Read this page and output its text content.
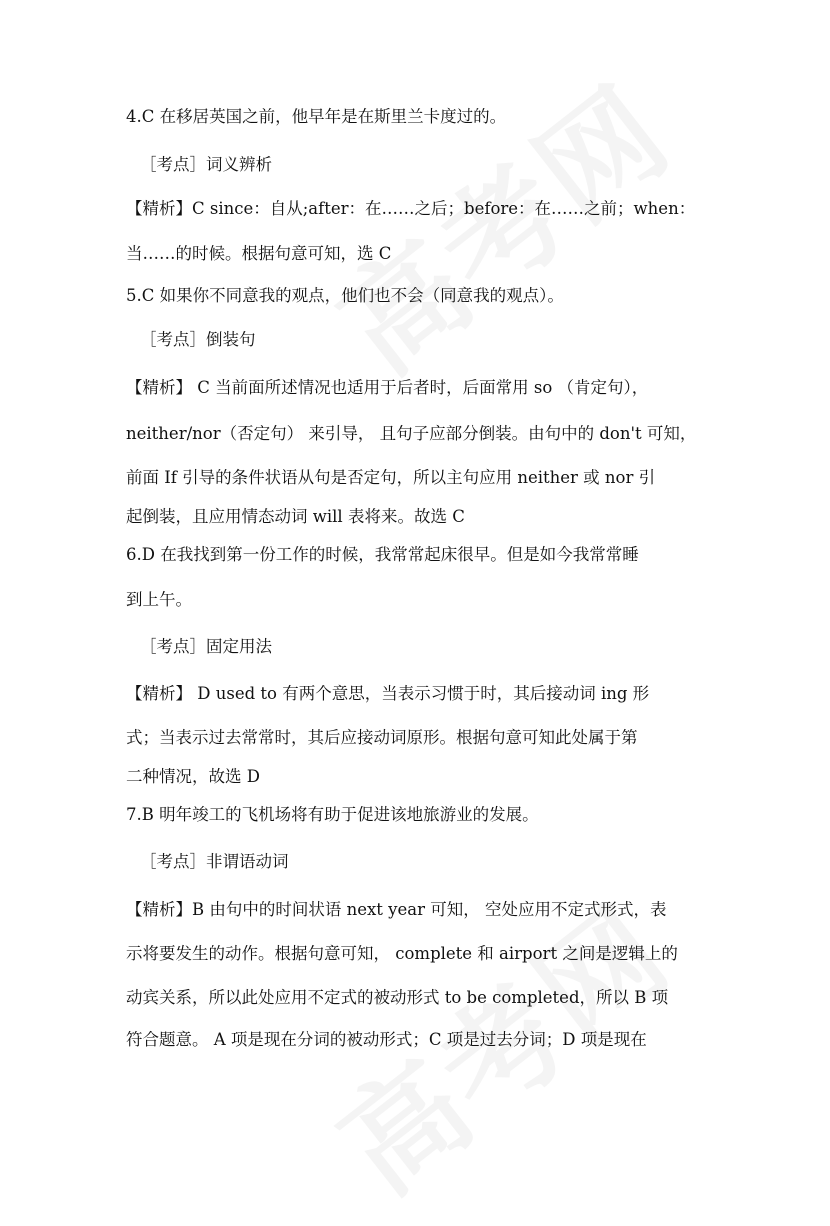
4.C 在移居英国之前，他早年是在斯里兰卡度过的。
［考点］词义辨析
【精析】C since：自从;after：在……之后；before：在……之前；when：
当……的时候。根据句意可知，选 C
5.C 如果你不同意我的观点，他们也不会（同意我的观点）。
［考点］倒装句
【精析】 C 当前面所述情况也适用于后者时，后面常用 so （肯定句），
neither/nor（否定句） 来引导， 且句子应部分倒装。由句中的 don't 可知，
前面 If 引导的条件状语从句是否定句，所以主句应用 neither 或 nor 引
起倒装，且应用情态动词 will 表将来。故选 C
6.D 在我找到第一份工作的时候，我常常起床很早。但是如今我常常睡
到上午。
［考点］固定用法
【精析】 D used to 有两个意思，当表示习惯于时，其后接动词 ing 形
式；当表示过去常常时，其后应接动词原形。根据句意可知此处属于第
二种情况，故选 D
7.B 明年竣工的飞机场将有助于促进该地旅游业的发展。
［考点］非谓语动词
【精析】B 由句中的时间状语 next year 可知， 空处应用不定式形式，表
示将要发生的动作。根据句意可知， complete 和 airport 之间是逻辑上的
动宾关系，所以此处应用不定式的被动形式 to be completed，所以 B 项
符合题意。 A 项是现在分词的被动形式；C 项是过去分词；D 项是现在
